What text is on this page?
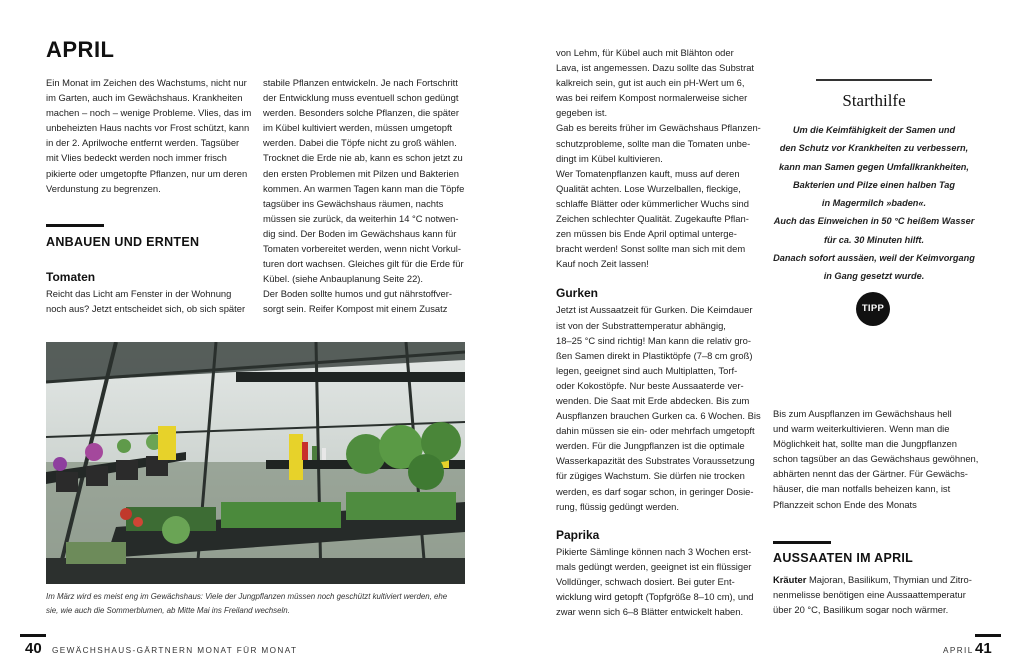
APRIL
Ein Monat im Zeichen des Wachstums, nicht nur
im Garten, auch im Gewächshaus. Krankheiten
machen – noch – wenige Probleme. Vlies, das im
unbeheizten Haus nachts vor Frost schützt, kann
in der 2. Aprilwoche entfernt werden. Tagsüber
mit Vlies bedeckt werden noch immer frisch
pikierte oder umgetopfte Pflanzen, nur um deren
Verdunstung zu begrenzen.
ANBAUEN UND ERNTEN
Tomaten
Reicht das Licht am Fenster in der Wohnung
noch aus? Jetzt entscheidet sich, ob sich später
stabile Pflanzen entwickeln. Je nach Fortschritt
der Entwicklung muss eventuell schon gedüngt
werden. Besonders solche Pflanzen, die später
im Kübel kultiviert werden, müssen umgetopft
werden. Dabei die Töpfe nicht zu groß wählen.
Trocknet die Erde nie ab, kann es schon jetzt zu
den ersten Problemen mit Pilzen und Bakterien
kommen. An warmen Tagen kann man die Töpfe
tagsüber ins Gewächshaus räumen, nachts
müssen sie zurück, da weiterhin 14 °C notwen-
dig sind. Der Boden im Gewächshaus kann für
Tomaten vorbereitet werden, wenn nicht Vorkul-
turen dort wachsen. Gleiches gilt für die Erde für
Kübel. (siehe Anbauplanung Seite 22).
Der Boden sollte humos und gut nährstoffver-
sorgt sein. Reifer Kompost mit einem Zusatz
Im März wird es meist eng im Gewächshaus: Viele der Jungpflanzen müssen noch geschützt kultiviert werden, ehe
sie, wie auch die Sommerblumen, ab Mitte Mai ins Freiland wechseln.
40 GEWÄCHSHAUS-GÄRTNERN MONAT FÜR MONAT
von Lehm, für Kübel auch mit Blähton oder
Lava, ist angemessen. Dazu sollte das Substrat
kalkreich sein, gut ist auch ein pH-Wert um 6,
was bei reifem Kompost normalerweise sicher
gegeben ist.
Gab es bereits früher im Gewächshaus Pflanzen-
schutzprobleme, sollte man die Tomaten unbe-
dingt im Kübel kultivieren.
Wer Tomatenpflanzen kauft, muss auf deren
Qualität achten. Lose Wurzelballen, fleckige,
schlaffe Blätter oder kümmerlicher Wuchs sind
Zeichen schlechter Qualität. Zugekaufte Pflan-
zen müssen bis Ende April optimal unterge-
bracht werden! Sonst sollte man sich mit dem
Kauf noch Zeit lassen!
Gurken
Jetzt ist Aussaatzeit für Gurken. Die Keimdauer
ist von der Substrattemperatur abhängig,
18–25 °C sind richtig! Man kann die relativ gro-
ßen Samen direkt in Plastiktöpfe (7–8 cm groß)
legen, geeignet sind auch Multiplatten, Torf-
oder Kokostöpfe. Nur beste Aussaaterde ver-
wenden. Die Saat mit Erde abdecken. Bis zum
Auspflanzen brauchen Gurken ca. 6 Wochen. Bis
dahin müssen sie ein- oder mehrfach umgetopft
werden. Für die Jungpflanzen ist die optimale
Wasserkapazität des Substrates Voraussetzung
für zügiges Wachstum. Sie dürfen nie trocken
werden, es darf sogar schon, in geringer Dosie-
rung, flüssig gedüngt werden.
Paprika
Pikierte Sämlinge können nach 3 Wochen erst-
mals gedüngt werden, geeignet ist ein flüssiger
Volldünger, schwach dosiert. Bei guter Ent-
wicklung wird getopft (Topfgröße 8–10 cm), und
zwar wenn sich 6–8 Blätter entwickelt haben.
Starthilfe
Um die Keimfähigkeit der Samen und
den Schutz vor Krankheiten zu verbessern,
kann man Samen gegen Umfallkrankheiten,
Bakterien und Pilze einen halben Tag
in Magermilch »baden«.
Auch das Einweichen in 50 °C heißem Wasser
für ca. 30 Minuten hilft.
Danach sofort aussäen, weil der Keimvorgang
in Gang gesetzt wurde.
TIPP
Bis zum Auspflanzen im Gewächshaus hell
und warm weiterkultivieren. Wenn man die
Möglichkeit hat, sollte man die Jungpflanzen
schon tagsüber an das Gewächshaus gewöhnen,
abhärten nennt das der Gärtner. Für Gewächs-
häuser, die man notfalls beheizen kann, ist
Pflanzzeit schon Ende des Monats
AUSSAATEN IM APRIL
Kräuter Majoran, Basilikum, Thymian und Zitro-
nenmelisse benötigen eine Aussaattemperatur
über 20 °C, Basilikum sogar noch wärmer.
APRIL 41
